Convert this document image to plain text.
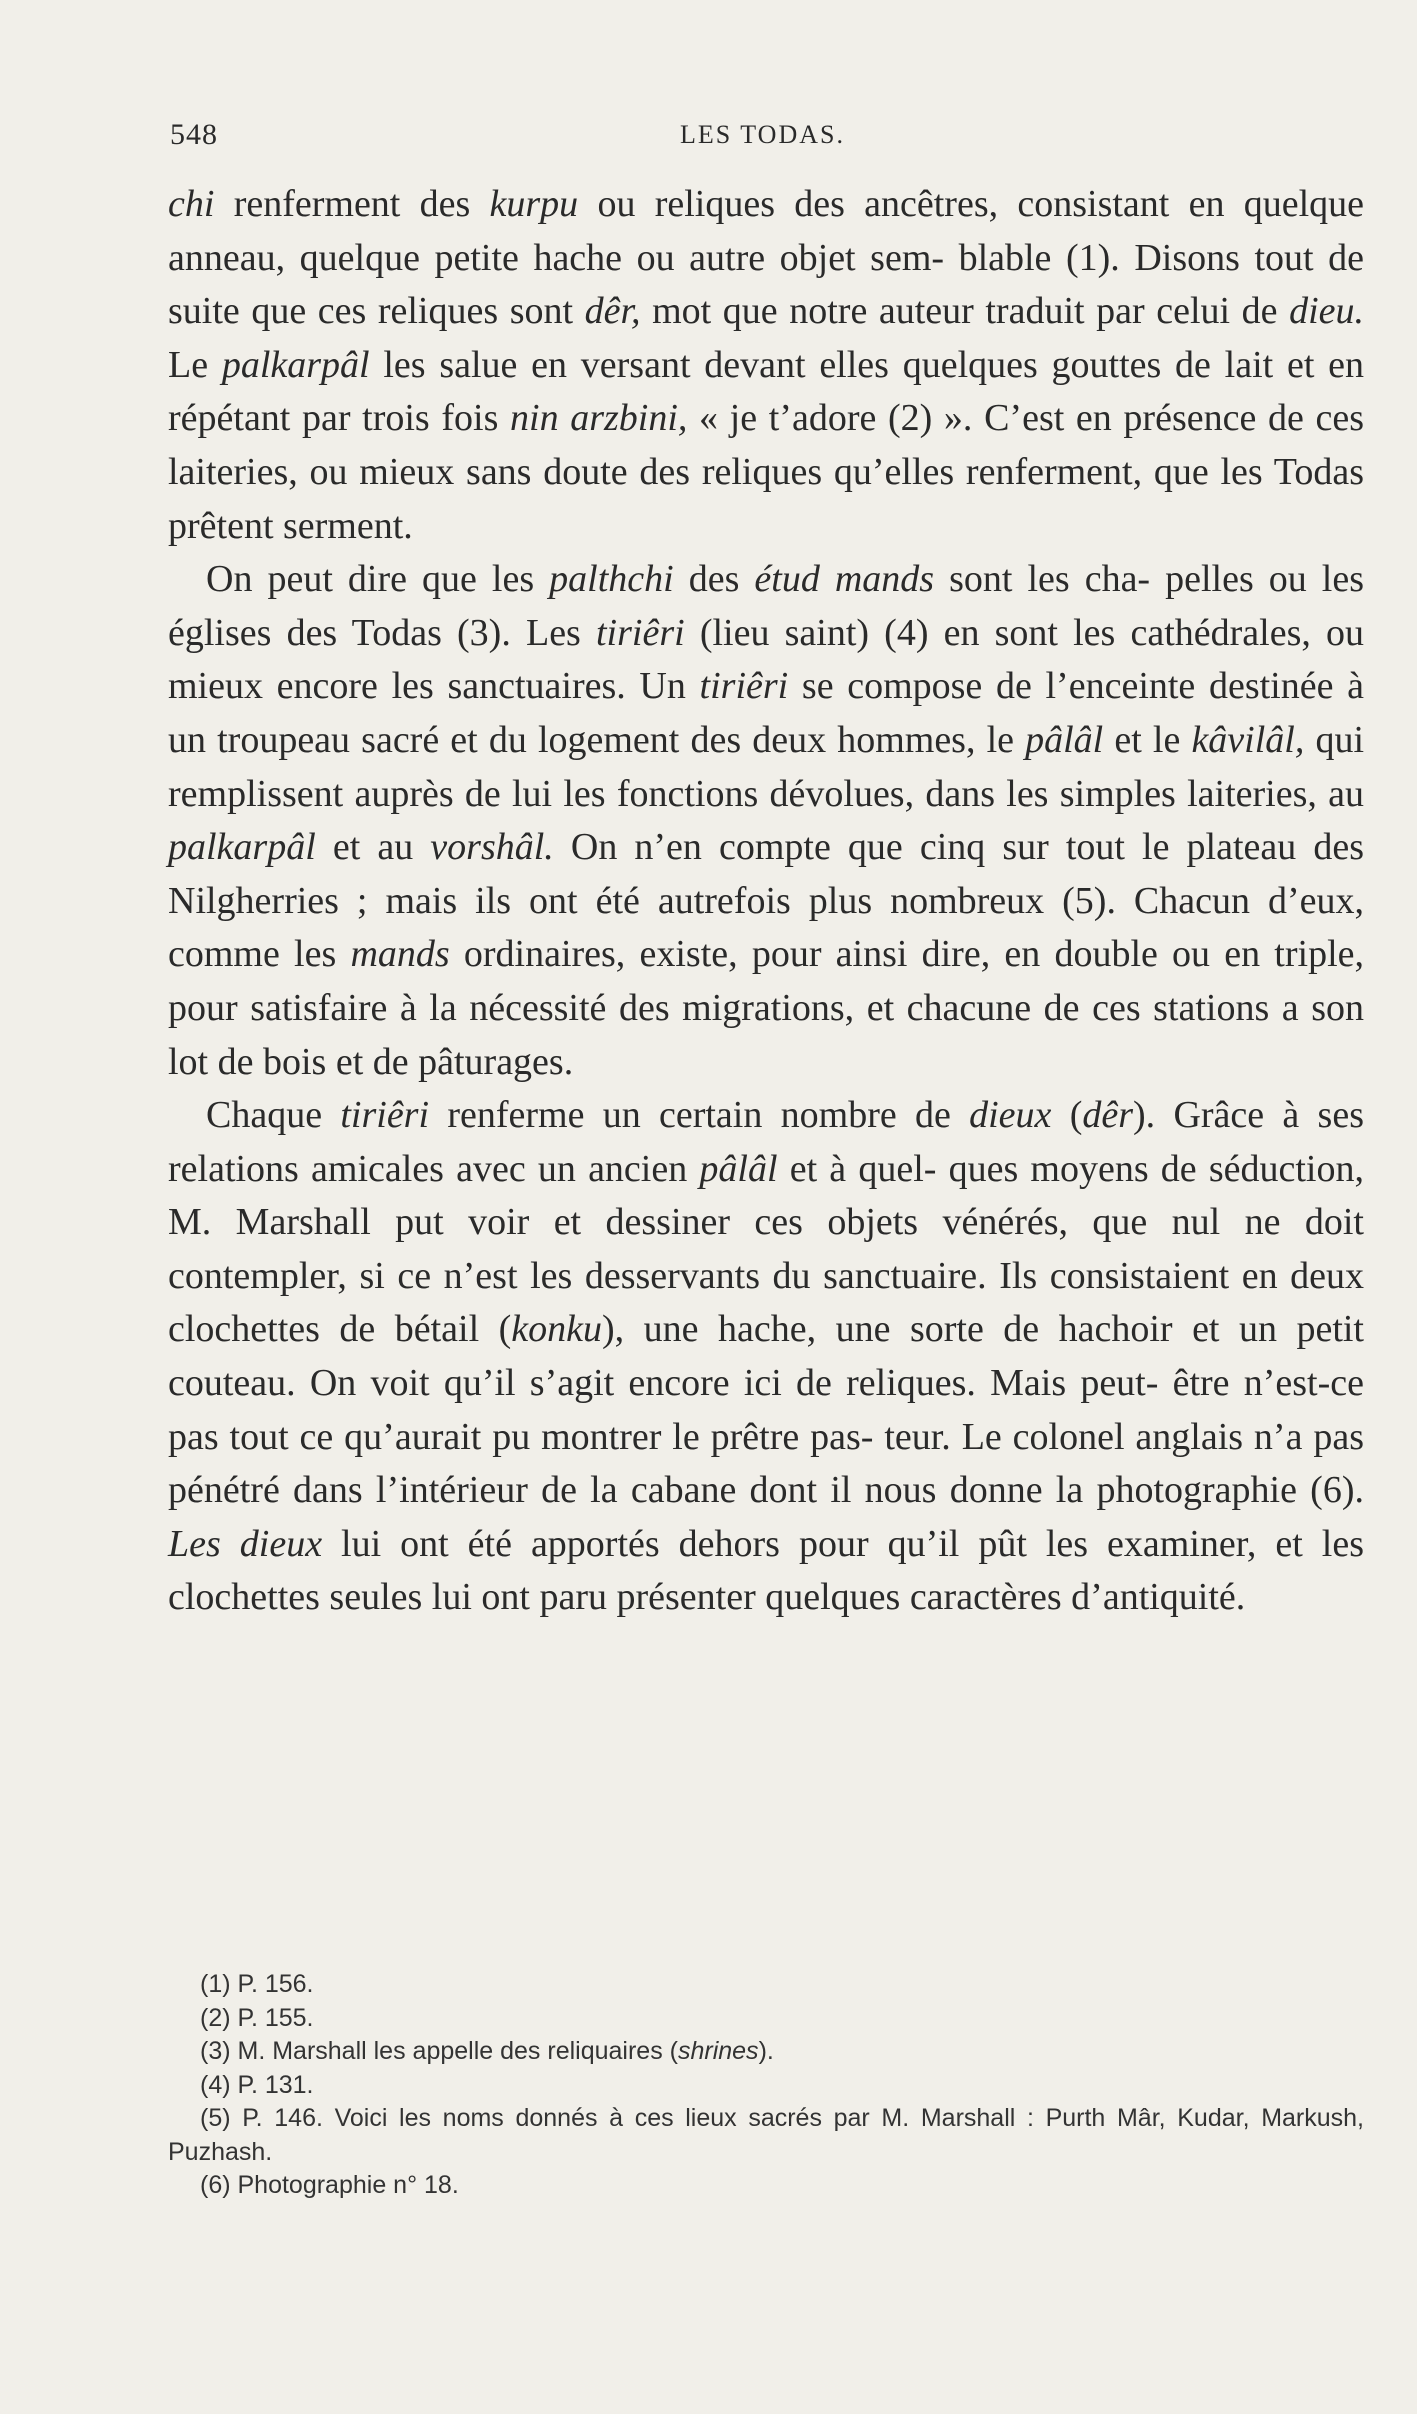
548	LES TODAS.

chi renferment des kurpu ou reliques des ancêtres, consistant en quelque anneau, quelque petite hache ou autre objet sem- blable (1). Disons tout de suite que ces reliques sont dêr, mot que notre auteur traduit par celui de dieu. Le palkarpâl les salue en versant devant elles quelques gouttes de lait et en répétant par trois fois nin arzbini, « je t’adore (2) ». C’est en présence de ces laiteries, ou mieux sans doute des reliques qu’elles renferment, que les Todas prêtent serment.

On peut dire que les palthchi des étud mands sont les cha- pelles ou les églises des Todas (3). Les tiriêri (lieu saint) (4) en sont les cathédrales, ou mieux encore les sanctuaires. Un tiriêri se compose de l’enceinte destinée à un troupeau sacré et du logement des deux hommes, le pâlâl et le kâvilâl, qui remplissent auprès de lui les fonctions dévolues, dans les simples laiteries, au palkarpâl et au vorshâl. On n’en compte que cinq sur tout le plateau des Nilgherries ; mais ils ont été autrefois plus nombreux (5). Chacun d’eux, comme les mands ordinaires, existe, pour ainsi dire, en double ou en triple, pour satisfaire à la nécessité des migrations, et chacune de ces stations a son lot de bois et de pâturages.

Chaque tiriêri renferme un certain nombre de dieux (dêr). Grâce à ses relations amicales avec un ancien pâlâl et à quel- ques moyens de séduction, M. Marshall put voir et dessiner ces objets vénérés, que nul ne doit contempler, si ce n’est les desservants du sanctuaire. Ils consistaient en deux clochettes de bétail (konku), une hache, une sorte de hachoir et un petit couteau. On voit qu’il s’agit encore ici de reliques. Mais peut- être n’est-ce pas tout ce qu’aurait pu montrer le prêtre pas- teur. Le colonel anglais n’a pas pénétré dans l’intérieur de la cabane dont il nous donne la photographie (6). Les dieux lui ont été apportés dehors pour qu’il pût les examiner, et les clochettes seules lui ont paru présenter quelques caractères d’antiquité.

(1) P. 156.

(2) P. 155.

(3) M. Marshall les appelle des reliquaires (shrines).

(4) P. 131.

(5) P. 146. Voici les noms donnés à ces lieux sacrés par M. Marshall : Purth Mâr, Kudar, Markush, Puzhash.

(6) Photographie n° 18.
